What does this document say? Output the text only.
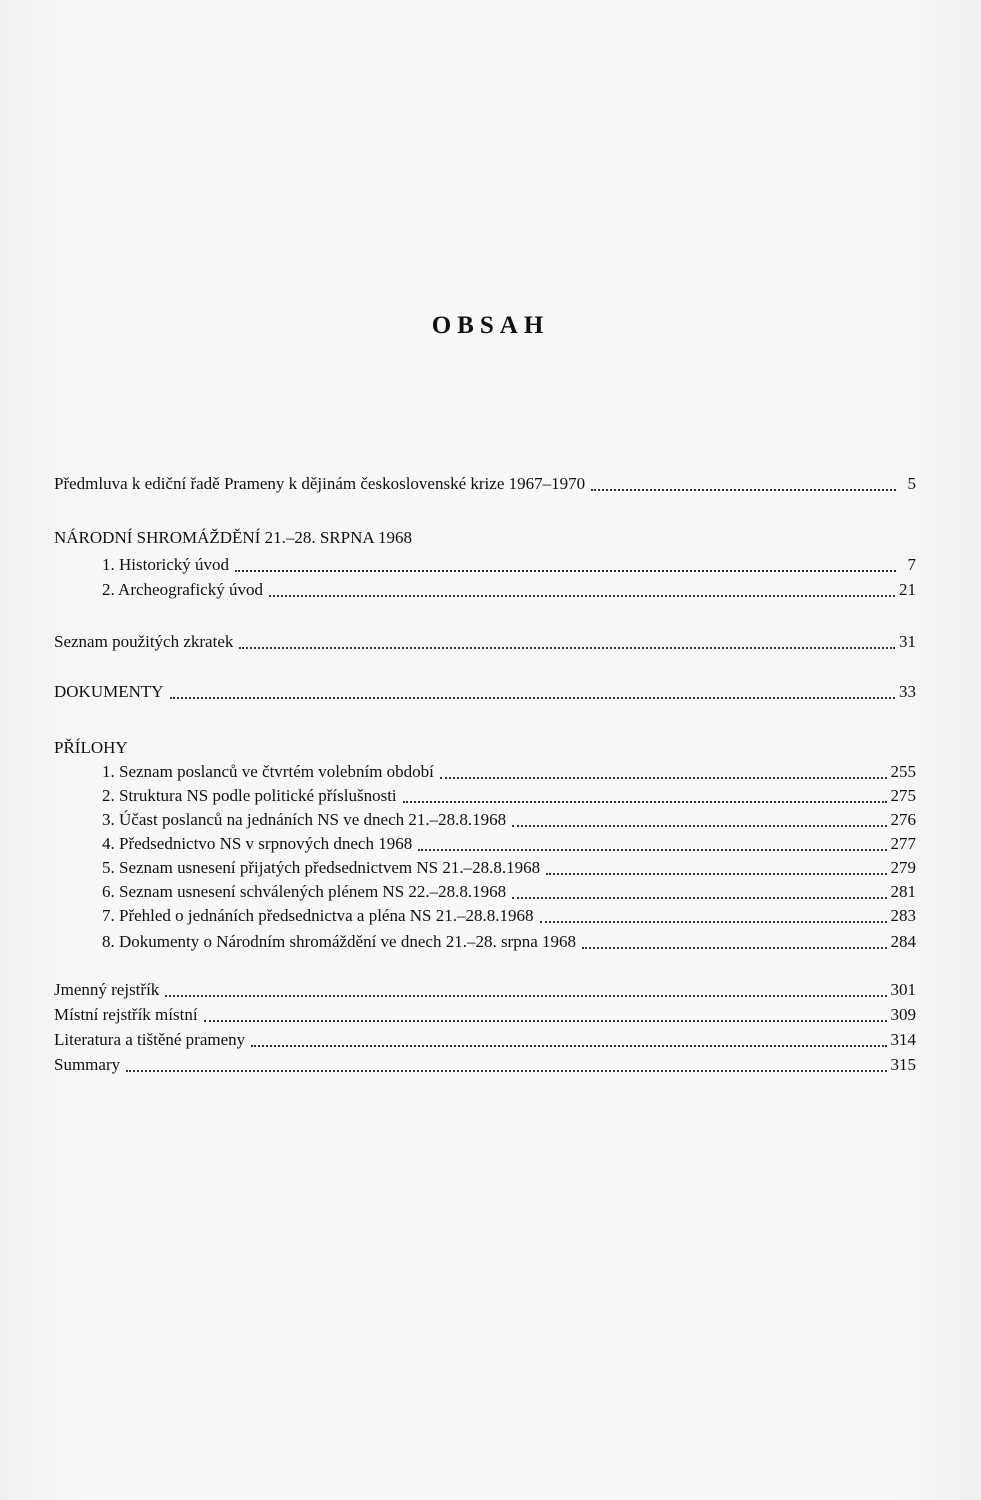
OBSAH
Předmluva k ediční řadě Prameny k dějinám československé krize 1967–1970	5
NÁRODNÍ SHROMÁŽDĚNÍ 21.–28. SRPNA 1968
1. Historický úvod	7
2. Archeografický úvod	21
Seznam použitých zkratek	31
DOKUMENTY	33
PŘÍLOHY
1. Seznam poslanců ve čtvrtém volebním období	255
2. Struktura NS podle politické příslušnosti	275
3. Účast poslanců na jednáních NS ve dnech 21.–28.8.1968	276
4. Předsednictvo NS v srpnových dnech 1968	277
5. Seznam usnesení přijatých předsednictvem NS 21.–28.8.1968	279
6. Seznam usnesení schválených plénem NS 22.–28.8.1968	281
7. Přehled o jednáních předsednictva a pléna NS 21.–28.8.1968	283
8. Dokumenty o Národním shromáždění ve dnech 21.–28. srpna 1968	284
Jmenný rejstřík	301
Místní rejstřík místní	309
Literatura a tištěné prameny	314
Summary	315
